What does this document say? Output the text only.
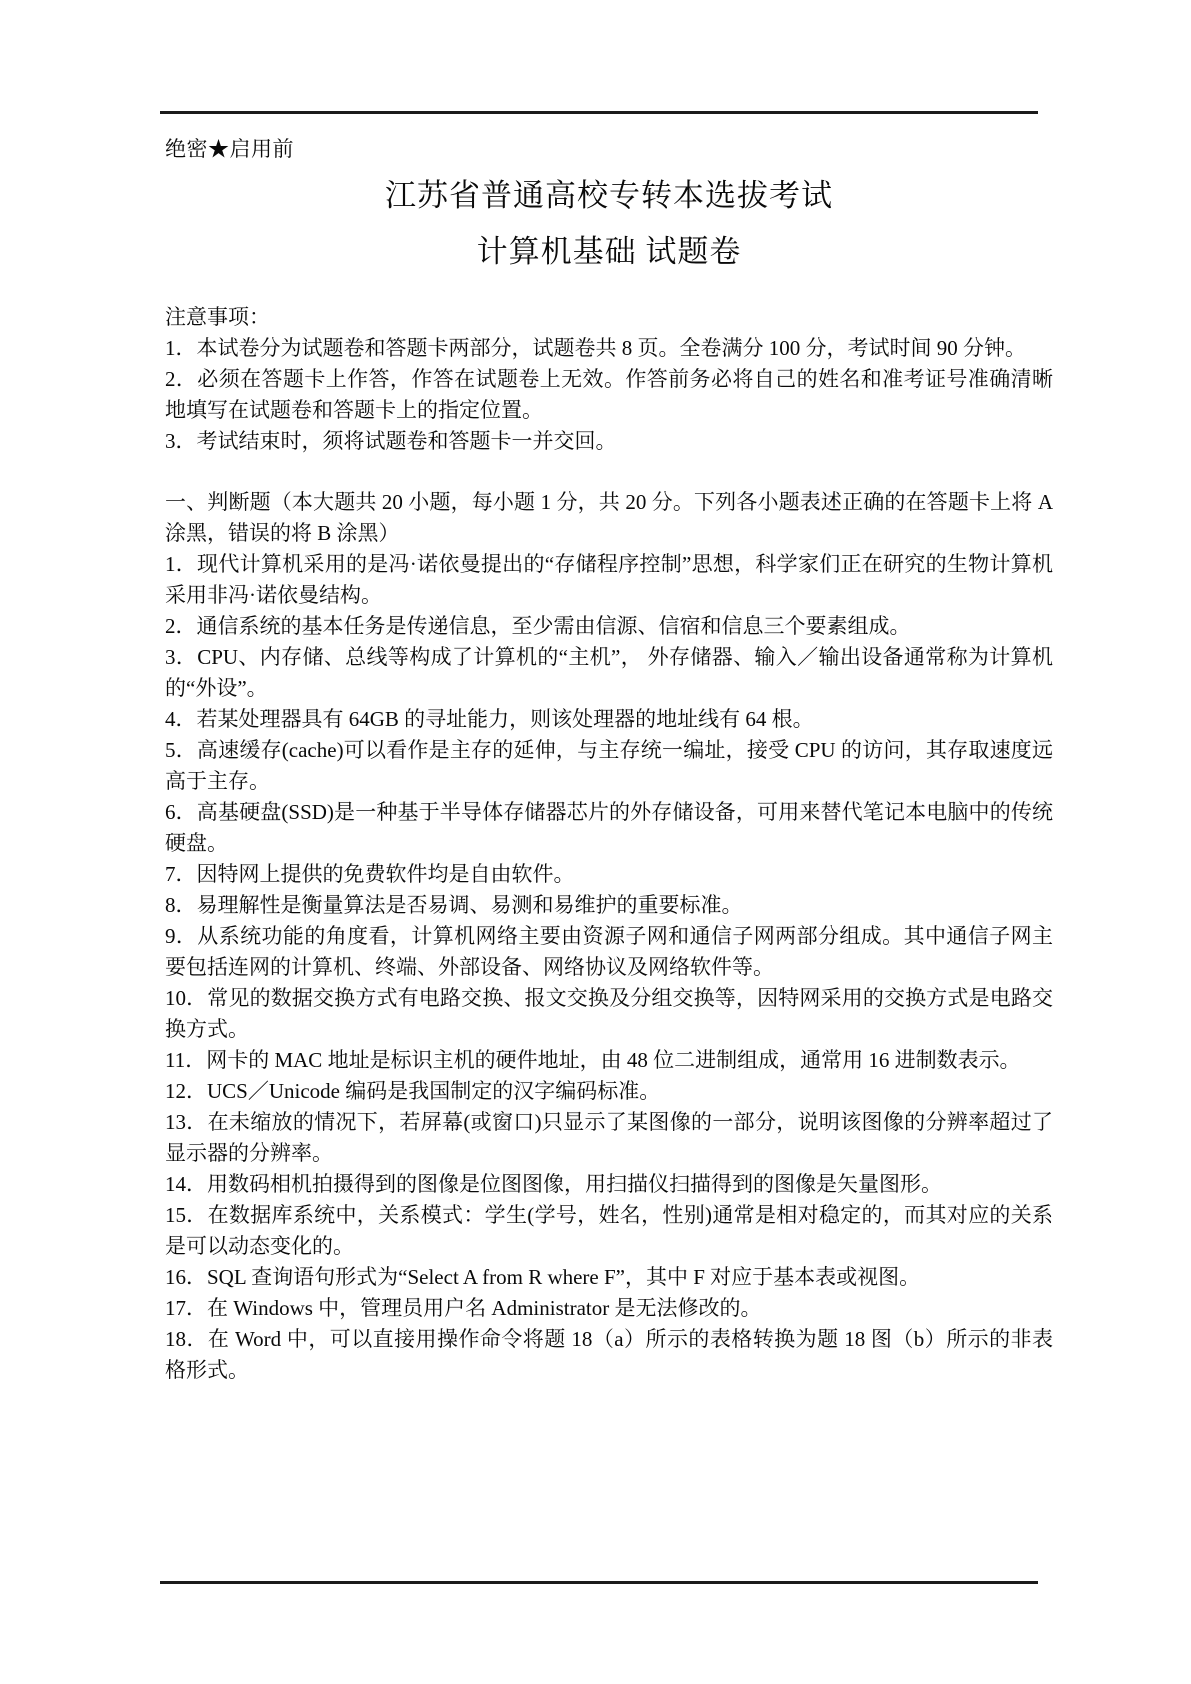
绝密★启用前
江苏省普通高校专转本选拔考试
计算机基础 试题卷
注意事项：

1．本试卷分为试题卷和答题卡两部分，试题卷共 8 页。全卷满分 100 分，考试时间 90 分钟。

2．必须在答题卡上作答，作答在试题卷上无效。作答前务必将自己的姓名和准考证号准确清晰地填写在试题卷和答题卡上的指定位置。

3．考试结束时，须将试题卷和答题卡一并交回。

一、判断题（本大题共 20 小题，每小题 1 分，共 20 分。下列各小题表述正确的在答题卡上将 A 涂黑，错误的将 B 涂黑）

1．现代计算机采用的是冯·诺依曼提出的“存储程序控制”思想，科学家们正在研究的生物计算机采用非冯·诺依曼结构。

2．通信系统的基本任务是传递信息，至少需由信源、信宿和信息三个要素组成。

3．CPU、内存储、总线等构成了计算机的“主机”， 外存储器、输入／输出设备通常称为计算机的“外设”。

4．若某处理器具有 64GB 的寻址能力，则该处理器的地址线有 64 根。

5．高速缓存(cache)可以看作是主存的延伸，与主存统一编址，接受 CPU 的访问，其存取速度远高于主存。

6．高基硬盘(SSD)是一种基于半导体存储器芯片的外存储设备，可用来替代笔记本电脑中的传统硬盘。

7．因特网上提供的免费软件均是自由软件。

8．易理解性是衡量算法是否易调、易测和易维护的重要标准。

9．从系统功能的角度看，计算机网络主要由资源子网和通信子网两部分组成。其中通信子网主要包括连网的计算机、终端、外部设备、网络协议及网络软件等。

10．常见的数据交换方式有电路交换、报文交换及分组交换等，因特网采用的交换方式是电路交换方式。

11．网卡的 MAC 地址是标识主机的硬件地址，由 48 位二进制组成，通常用 16 进制数表示。

12．UCS／Unicode 编码是我国制定的汉字编码标准。

13．在未缩放的情况下，若屏幕(或窗口)只显示了某图像的一部分，说明该图像的分辨率超过了显示器的分辨率。

14．用数码相机拍摄得到的图像是位图图像，用扫描仪扫描得到的图像是矢量图形。

15．在数据库系统中，关系模式：学生(学号，姓名，性别)通常是相对稳定的，而其对应的关系是可以动态变化的。

16．SQL 查询语句形式为“Select A from R where F”，其中 F 对应于基本表或视图。

17．在 Windows 中，管理员用户名 Administrator 是无法修改的。

18．在 Word 中，可以直接用操作命令将题 18（a）所示的表格转换为题 18 图（b）所示的非表格形式。
